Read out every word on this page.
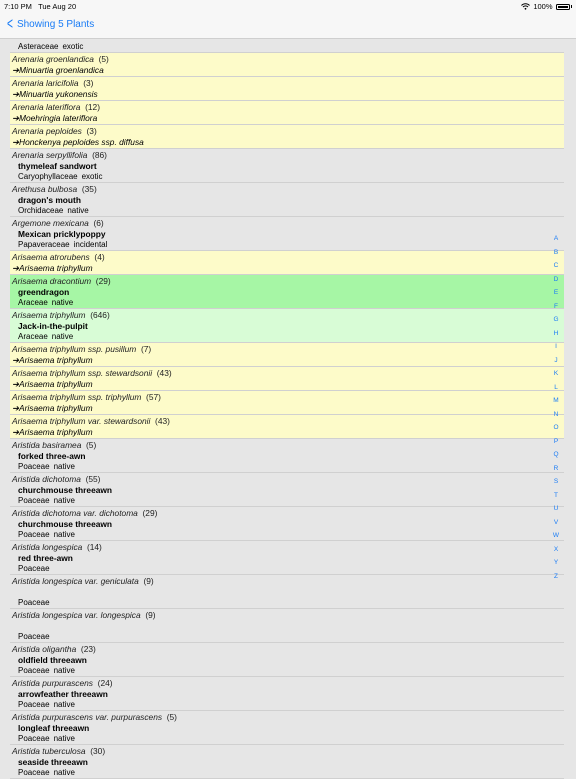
7:10 PM Tue Aug 20	100%
< Showing 5 Plants
Asteraceae exotic
Arenaria groenlandica (5)
➔Minuartia groenlandica
Arenaria laricifolia (3)
➔Minuartia yukonensis
Arenaria lateriflora (12)
➔Moehringia lateriflora
Arenaria peploides (3)
➔Honckenya peploides ssp. diffusa
Arenaria serpyllifolia (86)
thymeleaf sandwort
Caryophyllaceae exotic
Arethusa bulbosa (35)
dragon's mouth
Orchidaceae native
Argemone mexicana (6)
Mexican pricklypoppy
Papaveraceae incidental
Arisaema atrorubens (4)
➔Arisaema triphyllum
Arisaema dracontium (29)
greendragon
Araceae native
Arisaema triphyllum (646)
Jack-in-the-pulpit
Araceae native
Arisaema triphyllum ssp. pusillum (7)
➔Arisaema triphyllum
Arisaema triphyllum ssp. stewardsonii (43)
➔Arisaema triphyllum
Arisaema triphyllum ssp. triphyllum (57)
➔Arisaema triphyllum
Arisaema triphyllum var. stewardsonii (43)
➔Arisaema triphyllum
Aristida basiramea (5)
forked three-awn
Poaceae native
Aristida dichotoma (55)
churchmouse threeawn
Poaceae native
Aristida dichotoma var. dichotoma (29)
churchmouse threeawn
Poaceae native
Aristida longespica (14)
red three-awn
Poaceae
Aristida longespica var. geniculata (9)
Poaceae
Aristida longespica var. longespica (9)
Poaceae
Aristida oligantha (23)
oldfield threeawn
Poaceae native
Aristida purpurascens (24)
arrowfeather threeawn
Poaceae native
Aristida purpurascens var. purpurascens (5)
longleaf threeawn
Poaceae native
Aristida tuberculosa (30)
seaside threeawn
Poaceae native
A
B
C
D
E
F
G
H
I
J
K
L
M
N
O
P
Q
R
S
T
U
V
W
X
Y
Z
